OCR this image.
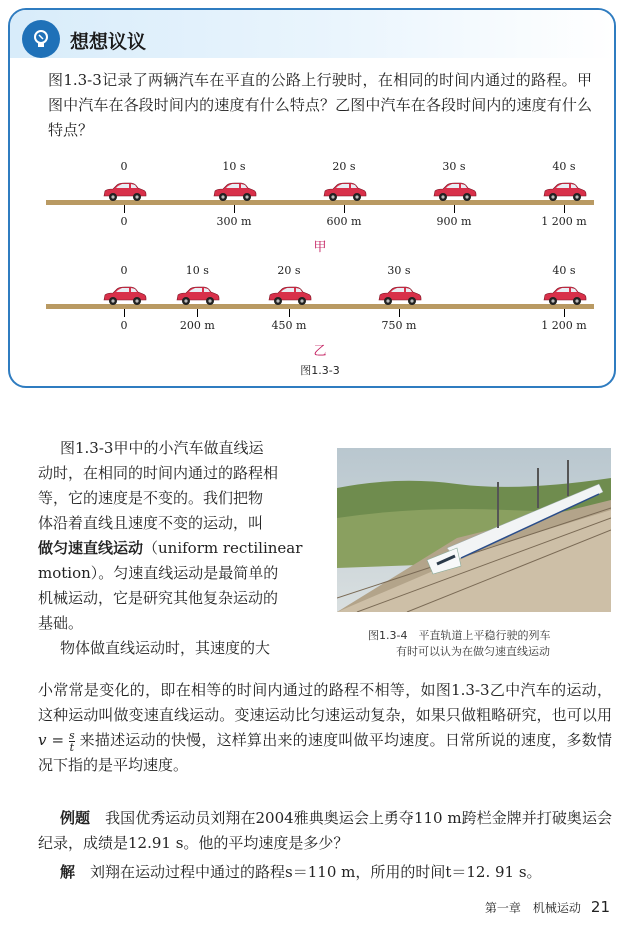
想想议议
图1.3-3记录了两辆汽车在平直的公路上行驶时，在相同的时间内通过的路程。甲图中汽车在各段时间内的速度有什么特点？乙图中汽车在各段时间内的速度有什么特点？
0
0
10 s
300 m
20 s
600 m
30 s
900 m
40 s
1 200 m
甲
0
0
10 s
200 m
20 s
450 m
30 s
750 m
40 s
1 200 m
乙
图1.3-3
图1.3-3甲中的小汽车做直线运
动时，在相同的时间内通过的路程相
等，它的速度是不变的。我们把物
体沿着直线且速度不变的运动，叫
做匀速直线运动（uniform rectilinear
motion）。匀速直线运动是最简单的
机械运动，它是研究其他复杂运动的
基础。
物体做直线运动时，其速度的大
图1.3-4　平直轨道上平稳行驶的列车
有时可以认为在做匀速直线运动
小常常是变化的，即在相等的时间内通过的路程不相等，如图1.3-3乙中汽车的运动，这种运动叫做变速直线运动。变速运动比匀速运动复杂，如果只做粗略研究，也可以用 $v = \frac{s}{t}$ 来描述运动的快慢，这样算出来的速度叫做平均速度。日常所说的速度，多数情况下指的是平均速度。
例题　 我国优秀运动员刘翔在2004雅典奥运会上勇夺110 m跨栏金牌并打破奥运会纪录，成绩是12.91 s。他的平均速度是多少？
解　 刘翔在运动过程中通过的路程s＝110 m，所用的时间t＝12. 91 s。
第一章　机械运动 21
